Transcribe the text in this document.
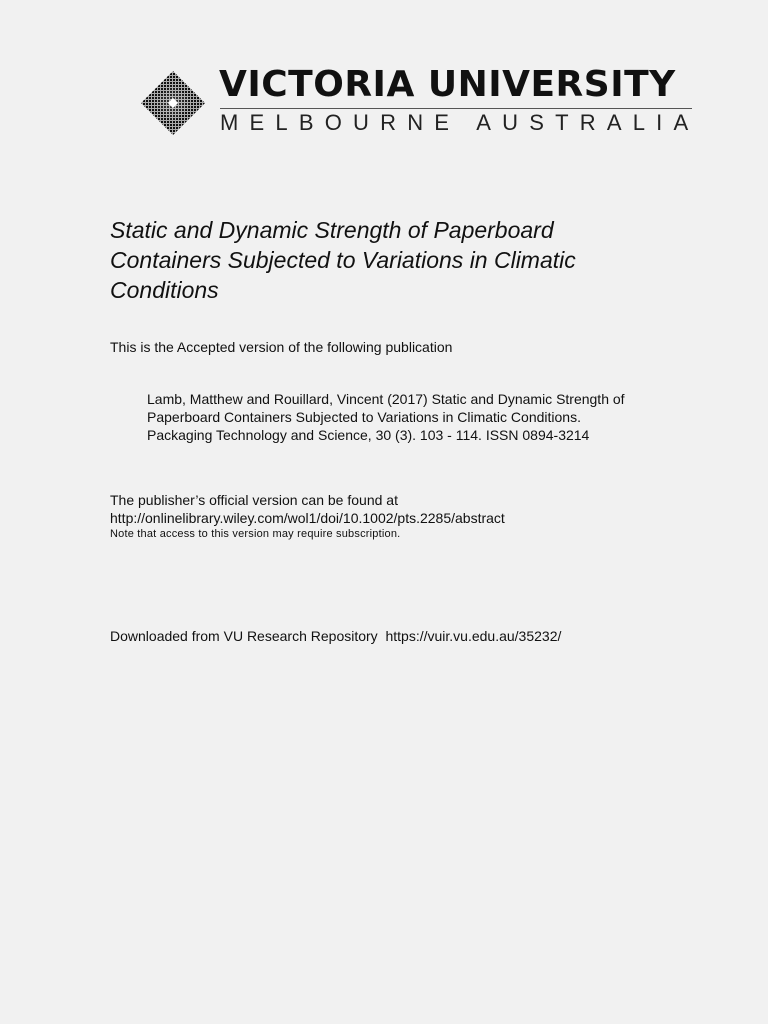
VICTORIA UNIVERSITY
MELBOURNE AUSTRALIA
Static and Dynamic Strength of Paperboard
Containers Subjected to Variations in Climatic
Conditions
This is the Accepted version of the following publication
Lamb, Matthew and Rouillard, Vincent (2017) Static and Dynamic Strength of
Paperboard Containers Subjected to Variations in Climatic Conditions.
Packaging Technology and Science, 30 (3). 103 - 114. ISSN 0894-3214
The publisher’s official version can be found at
http://onlinelibrary.wiley.com/wol1/doi/10.1002/pts.2285/abstract
Note that access to this version may require subscription.
Downloaded from VU Research Repository https://vuir.vu.edu.au/35232/
